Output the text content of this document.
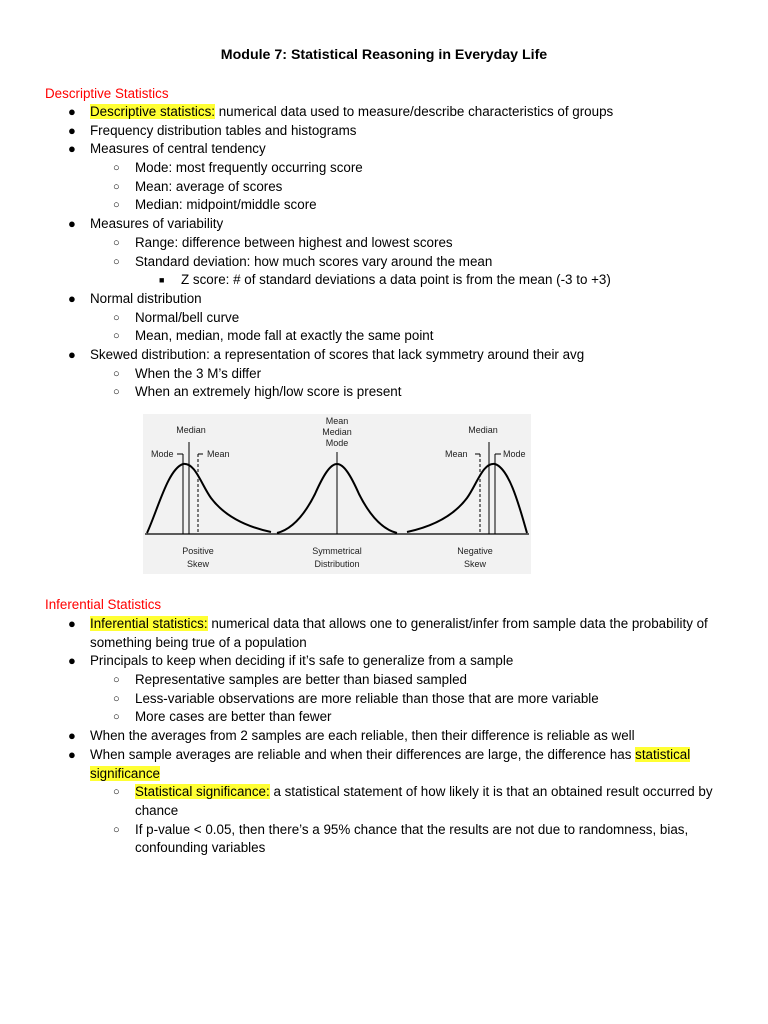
Module 7: Statistical Reasoning in Everyday Life
Descriptive Statistics
● Descriptive statistics: numerical data used to measure/describe characteristics of groups
● Frequency distribution tables and histograms
● Measures of central tendency
○ Mode: most frequently occurring score
○ Mean: average of scores
○ Median: midpoint/middle score
● Measures of variability
○ Range: difference between highest and lowest scores
○ Standard deviation: how much scores vary around the mean
■ Z score: # of standard deviations a data point is from the mean (-3 to +3)
● Normal distribution
○ Normal/bell curve
○ Mean, median, mode fall at exactly the same point
● Skewed distribution: a representation of scores that lack symmetry around their avg
○ When the 3 M’s differ
○ When an extremely high/low score is present
Median
Mode	Mean
Positive
Skew
Mean
Median
Mode
Symmetrical
Distribution
Median
Mean	Mode
Negative
Skew
Inferential Statistics
● Inferential statistics: numerical data that allows one to generalist/infer from sample data the probability of something being true of a population
● Principals to keep when deciding if it’s safe to generalize from a sample
○ Representative samples are better than biased sampled
○ Less-variable observations are more reliable than those that are more variable
○ More cases are better than fewer
● When the averages from 2 samples are each reliable, then their difference is reliable as well
● When sample averages are reliable and when their differences are large, the difference has statistical significance
○ Statistical significance: a statistical statement of how likely it is that an obtained result occurred by chance
○ If p-value < 0.05, then there’s a 95% chance that the results are not due to randomness, bias, confounding variables
